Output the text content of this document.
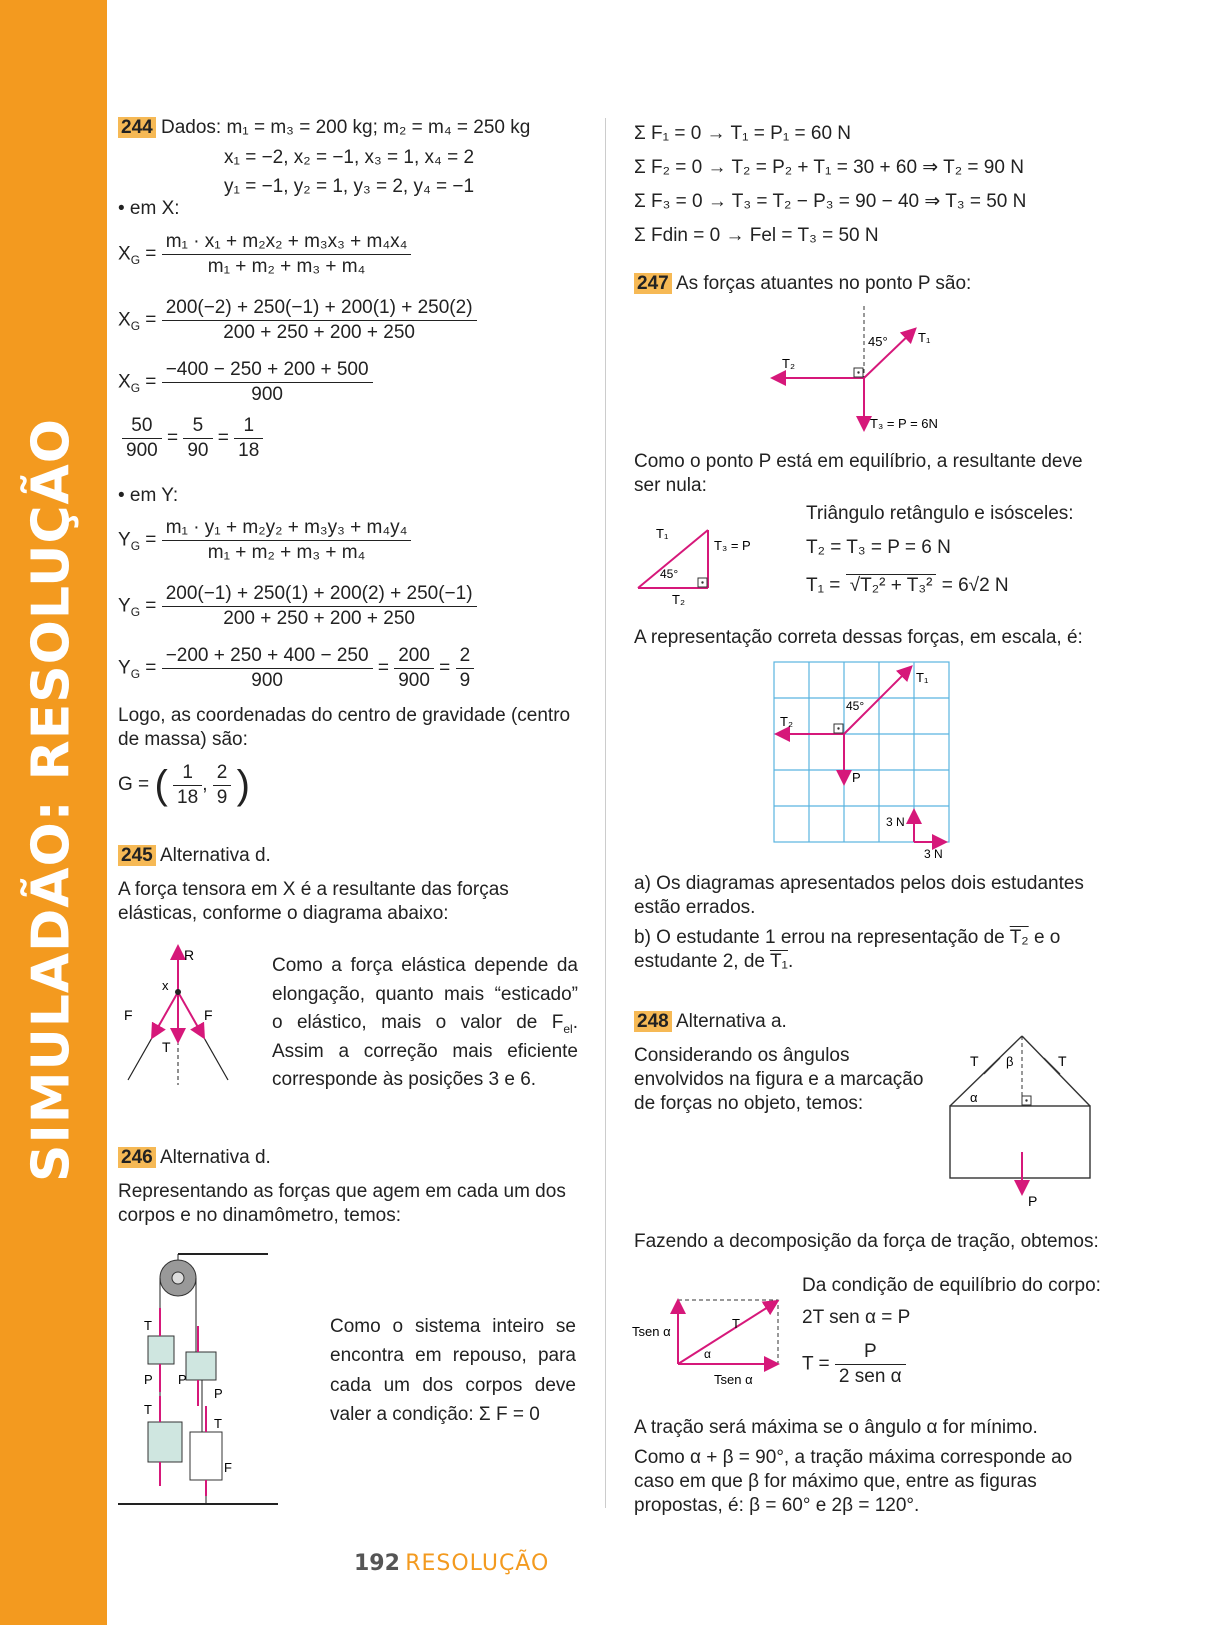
SIMULADÃO: RESOLUÇÃO
244 Dados: m₁ = m₃ = 200 kg; m₂ = m₄ = 250 kg
x₁ = −2, x₂ = −1, x₃ = 1, x₄ = 2
y₁ = −1, y₂ = 1, y₃ = 2, y₄ = −1
• em X:
$X_G = \frac{\text{m₁ · x₁ + m₂x₂ + m₃x₃ + m₄x₄}}{\text{m₁ + m₂ + m₃ + m₄}}$
$X_G = \frac{200(-2) + 250(-1) + 200(1) + 250(2)}{200 + 250 + 200 + 250}$
$X_G = \frac{-400 - 250 + 200 + 500}{900}$
$\frac{50}{900} = \frac{5}{90} = \frac{1}{18}$
• em Y:
$Y_G = \frac{\text{m₁ · y₁ + m₂y₂ + m₃y₃ + m₄y₄}}{\text{m₁ + m₂ + m₃ + m₄}}$
$Y_G = \frac{200(-1) + 250(1) + 200(2) + 250(-1)}{200 + 250 + 200 + 250}$
$Y_G = \frac{-200 + 250 + 400 - 250}{900} = \frac{200}{900} = \frac{2}{9}$
Logo, as coordenadas do centro de gravidade (centro de massa) são:
G = ( $\frac{1}{18}$ , $\frac{2}{9}$ )
245 Alternativa d.
A força tensora em X é a resultante das forças elásticas, conforme o diagrama abaixo:
R
x
F	F
T
Como a força elástica depende da elongação, quanto mais “esticado” o elástico, mais o valor de $F_{el}$. Assim a correção mais eficiente corresponde às posições 3 e 6.
246 Alternativa d.
Representando as forças que agem em cada um dos corpos e no dinamômetro, temos:
T
P
T
P
P
T
F
Como o sistema inteiro se encontra em repouso, para cada um dos corpos deve valer a condição: Σ F = 0
Σ F₁ = 0 → T₁ = P₁ = 60 N
Σ F₂ = 0 → T₂ = P₂ + T₁ = 30 + 60 ⇒ T₂ = 90 N
Σ F₃ = 0 → T₃ = T₂ − P₃ = 90 − 40 ⇒ T₃ = 50 N
Σ Fdin = 0 → Fel = T₃ = 50 N
247 As forças atuantes no ponto P são:
45° T₁
T₂
T₃ = P = 6N
Como o ponto P está em equilíbrio, a resultante deve ser nula:
T₁
T₃ = P
45°
T₂
Triângulo retângulo e isósceles:
T₂ = T₃ = P = 6 N
T₁ = √T₂² + T₃² = 6√2 N
A representação correta dessas forças, em escala, é:
T₁
T₂
45°
P
3 N
3 N
a) Os diagramas apresentados pelos dois estudantes estão errados.
b) O estudante 1 errou na representação de T₂ e o
estudante 2, de T₁.
248 Alternativa a.
Considerando os ângulos envolvidos na figura e a marcação de forças no objeto, temos:
T	T
β
α
P
Fazendo a decomposição da força de tração, obtemos:
Tsen α
T
α
Tsen α
Da condição de equilíbrio do corpo:
2T sen α = P
$T = \frac{P}{\text{2 sen α}}$
A tração será máxima se o ângulo α for mínimo.
Como α + β = 90°, a tração máxima corresponde ao caso em que β for máximo que, entre as figuras propostas, é: β = 60° e 2β = 120°.
192 RESOLUÇÃO
